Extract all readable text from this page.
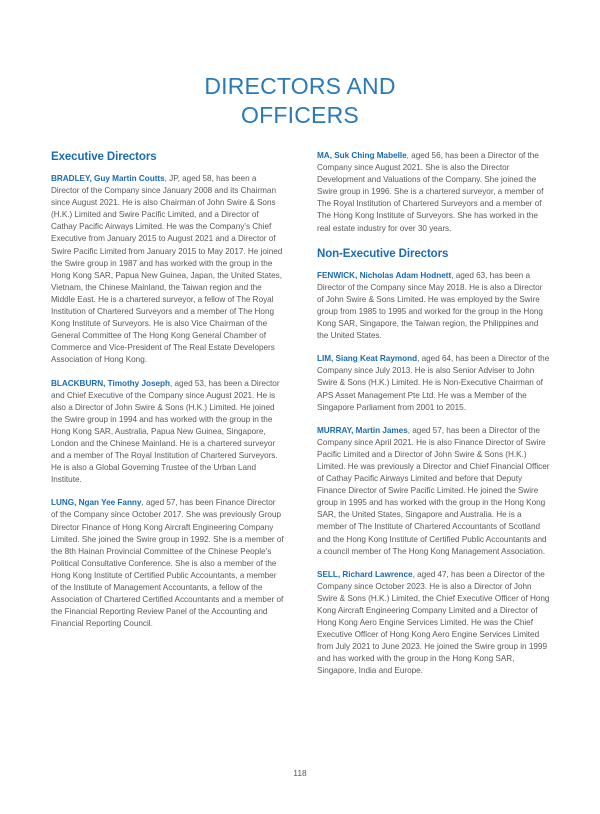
DIRECTORS AND
OFFICERS
Executive Directors

BRADLEY, Guy Martin Coutts, JP, aged 58, has been a Director of the Company since January 2008 and its Chairman since August 2021. He is also Chairman of John Swire & Sons (H.K.) Limited and Swire Pacific Limited, and a Director of Cathay Pacific Airways Limited. He was the Company’s Chief Executive from January 2015 to August 2021 and a Director of Swire Pacific Limited from January 2015 to May 2017. He joined the Swire group in 1987 and has worked with the group in the Hong Kong SAR, Papua New Guinea, Japan, the United States, Vietnam, the Chinese Mainland, the Taiwan region and the Middle East. He is a chartered surveyor, a fellow of The Royal Institution of Chartered Surveyors and a member of The Hong Kong Institute of Surveyors. He is also Vice Chairman of the General Committee of The Hong Kong General Chamber of Commerce and Vice-President of The Real Estate Developers Association of Hong Kong.

BLACKBURN, Timothy Joseph, aged 53, has been a Director and Chief Executive of the Company since August 2021. He is also a Director of John Swire & Sons (H.K.) Limited. He joined the Swire group in 1994 and has worked with the group in the Hong Kong SAR, Australia, Papua New Guinea, Singapore, London and the Chinese Mainland. He is a chartered surveyor and a member of The Royal Institution of Chartered Surveyors. He is also a Global Governing Trustee of the Urban Land Institute.

LUNG, Ngan Yee Fanny, aged 57, has been Finance Director of the Company since October 2017. She was previously Group Director Finance of Hong Kong Aircraft Engineering Company Limited. She joined the Swire group in 1992. She is a member of the 8th Hainan Provincial Committee of the Chinese People’s Political Consultative Conference. She is also a member of the Hong Kong Institute of Certified Public Accountants, a member of the Institute of Management Accountants, a fellow of the Association of Chartered Certified Accountants and a member of the Financial Reporting Review Panel of the Accounting and Financial Reporting Council.

MA, Suk Ching Mabelle, aged 56, has been a Director of the Company since August 2021. She is also the Director Development and Valuations of the Company. She joined the Swire group in 1996. She is a chartered surveyor, a member of The Royal Institution of Chartered Surveyors and a member of The Hong Kong Institute of Surveyors. She has worked in the real estate industry for over 30 years.

Non-Executive Directors

FENWICK, Nicholas Adam Hodnett, aged 63, has been a Director of the Company since May 2018. He is also a Director of John Swire & Sons Limited. He was employed by the Swire group from 1985 to 1995 and worked for the group in the Hong Kong SAR, Singapore, the Taiwan region, the Philippines and the United States.

LIM, Siang Keat Raymond, aged 64, has been a Director of the Company since July 2013. He is also Senior Adviser to John Swire & Sons (H.K.) Limited. He is Non-Executive Chairman of APS Asset Management Pte Ltd. He was a Member of the Singapore Parliament from 2001 to 2015.

MURRAY, Martin James, aged 57, has been a Director of the Company since April 2021. He is also Finance Director of Swire Pacific Limited and a Director of John Swire & Sons (H.K.) Limited. He was previously a Director and Chief Financial Officer of Cathay Pacific Airways Limited and before that Deputy Finance Director of Swire Pacific Limited. He joined the Swire group in 1995 and has worked with the group in the Hong Kong SAR, the United States, Singapore and Australia. He is a member of The Institute of Chartered Accountants of Scotland and the Hong Kong Institute of Certified Public Accountants and a council member of The Hong Kong Management Association.

SELL, Richard Lawrence, aged 47, has been a Director of the Company since October 2023. He is also a Director of John Swire & Sons (H.K.) Limited, the Chief Executive Officer of Hong Kong Aircraft Engineering Company Limited and a Director of Hong Kong Aero Engine Services Limited. He was the Chief Executive Officer of Hong Kong Aero Engine Services Limited from July 2021 to June 2023. He joined the Swire group in 1999 and has worked with the group in the Hong Kong SAR, Singapore, India and Europe.

118
